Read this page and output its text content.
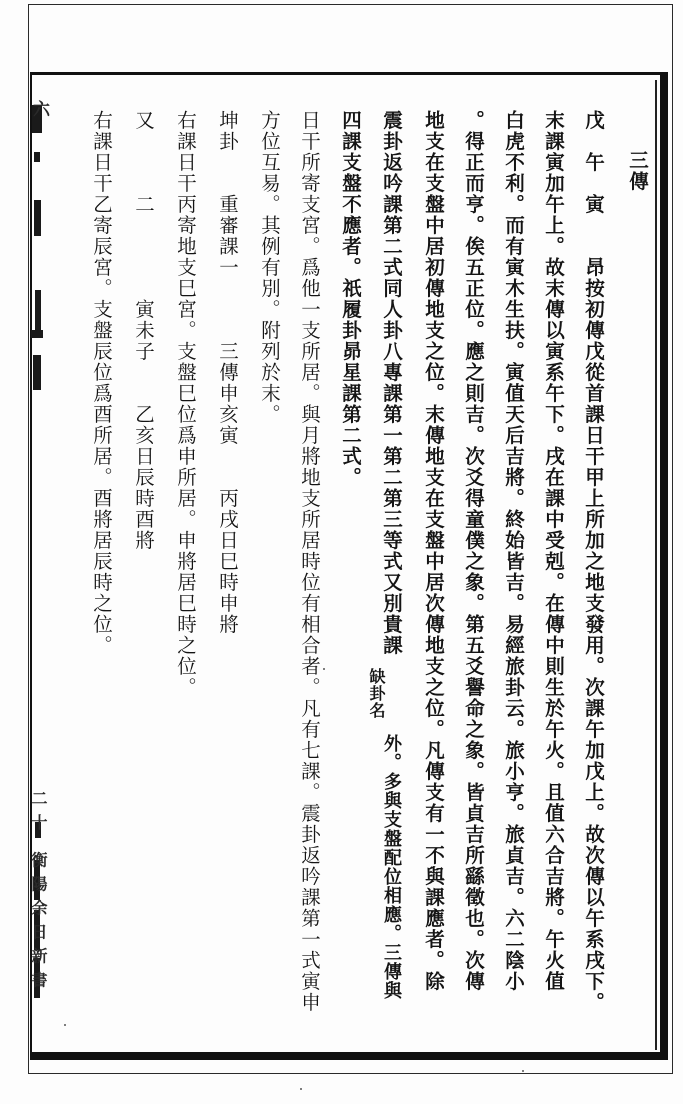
三傳
戊　午　寅　　昂按初傳戊從首課日干甲上所加之地支發用。次課午加戊上。故次傳以午系戌下。
末課寅加午上。故末傳以寅系午下。戌在課中受剋。在傳中則生於午火。且值六合吉將。午火值
白虎不利。而有寅木生扶。寅值天后吉將。終始皆吉。易經旅卦云。旅小亨。旅貞吉。六二陰小
。得正而亨。俟五正位。應之則吉。次爻得童僕之象。第五爻譽命之象。皆貞吉所繇徵也。次傳
地支在支盤中居初傳地支之位。末傳地支在支盤中居次傳地支之位。凡傳支有一不與課應者。除
震卦返吟課第二式同人卦八專課第一第二第三等式又別貴課
缺卦名
外。多與支盤配位相應。三傳與
四課支盤不應者。祇履卦昴星課第二式。
日干所寄支宮。爲他一支所居。與月將地支所居時位有相合者。凡有七課。震卦返吟課第一式寅申
方位互易。其例有別。附列於末。
坤卦　　重審課一　　　三傳申亥寅　　丙戌日巳時申將
右課日干丙寄地支巳宮。支盤巳位爲申所居。申將居巳時之位。
又　　　二　　　　寅未子　　乙亥日辰時酉將
右課日干乙寄辰宮。支盤辰位爲酉所居。酉將居辰時之位。
六
二十 衡陽余日新書
